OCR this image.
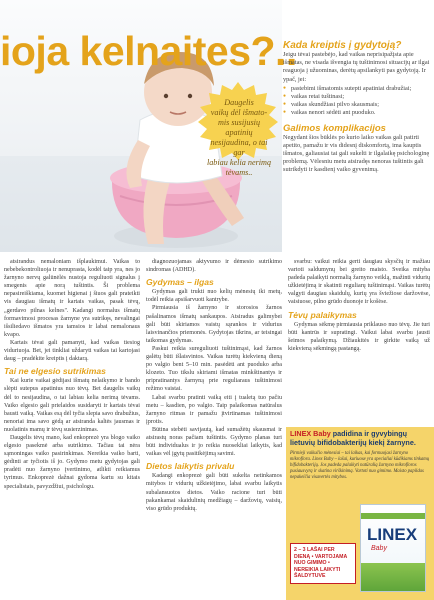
ioja kelnaites?..
Daugelis
vaikų dėl išmato-
mis susijusių apatinių
nesijaudina, o tai gar
labiau kelia nerimą
tėvams..
Kada kreiptis į gydytoją?
Jeigu tėvai pastebėjo, kad vaikas neprisipažįsta apie išmatas, ne visada išvengia tų tuštinimosi situacijų ar ilgai reaguoja į užuominas, derėtų apsilankyti pas gydytoją. Ir ypač, jei:
● pastebimi išmatomis sutepti apatiniai drabužiai;
● vaikas retai tuštinasi;
● vaikas skundžiasi pilvo skausmais;
● vaikas nenori sėdėti ant puoduko.
Galimos komplikacijos
Negydant šios būklės po kurio laiko vaikas gali patirti apetito, pamažu ir vis didesnį diskomfortą, ima kauptis išmatos, galiausiai tai gali sukelti ir ilgalaikę psichologinę problemą. Vėlesniu metu atsiradęs nenoras tuštintis gali sutrikdyti ir kasdienį vaiko gyvenimą.

atsirandus nemaloniam išplaukimui. Vaikas to nebebekontroliuoja ir nenuprasta, kodėl taip yra, nes jo žarnyno nervų galūnėlės nustoja reguliuoti signalus į smegenis apie norą tuštintis. Ši problema nepasireiškiama, kuomet higienai į šiuos gali prateikti vis daugiau išmatų ir kartais vaikas, pasak tėvų, „gerdavo pilnas kelnes". Kadangi normalus išmatų formavimosi procesas žarnyne yra sutrikęs, nevalingai išsiliedavo išmatos yra tamsios ir labai nemalonaus kvapo.

Kartais tėvai gali pamanyti, kad vaikas tiesiog viduriuoja. Bet, jei tinkliai uždaryti vaikas tai kartojasi daug – pradėkite kreiptis į daktarą.

Tai ne elgesio sutrikimas

Kai kurie vaikai gėdijasi išmatų nelaikymo ir bando slėpti sutepus apatinius nuo tėvų. Bet daugelis vaikų dėl to nesijaudina, o tai labiau kelia nerimą tėvams. Vaiko elgesio gali prielaidos susidaryti ir kartais tėvai bausti vaiką. Vaikas esą dėl tyčia slepia savo drabužius, nenoriai ima savo gėdą ar atsiranda kaltės jausmas ir nuolatinis mamų ir tėvų susierzinimas.

Daugelis tėvų mano, kad enkoprezė yra blogo vaiko elgesio pasekmė arba sutrikimo. Tačiau tai nėra sąmoningas vaiko pasirinkimas. Nereikia vaiko barti, gėdinti ar tyčiotis iš jo. Gydymo metu gydytojas gali pradėti nuo žarnyno įvertinimo, atlikti reikiamus tyrimus. Enkoprezė dažnai gydoma kartu su kitais specialistais, pavyzdžiui, psichologu.

diagnozuojamas aktyvumo ir dėmesio sutrikimo sindromas (ADHD).

Gydymas – ilgas

Gydymas gali trukti nuo kelių mėnesių iki metų, todėl reikia apsišarvuoti kantrybe.

Pirmiausia iš žarnyno ir storosios žarnos pašalinamos išmatų sankaupos. Atsiradus galimybei gali būti skiriamos vaistų sąrankos ir vidurius laisvinančios priemonės. Gydytojas tikrins, ar teisingai taikomas gydymas.

Paskui reikia sureguliuoti tuštinimąsi, kad žarnos galėtų būti išlaisvintos. Vaikas turėtų kiekvieną dieną po valgio bent 5–10 min. pasėdėti ant puoduko arba klozeto. Tuo tikslu skiriami išmatas minkštinantys ir pripratinantys žarnyną prie reguliaraus tuštinimosi režimo vaistai.

Labai svarbu pratinti vaiką eiti į tualetą tuo pačiu metu – kasdien, po valgio. Taip palaikomas natūralus žarnyno ritmas ir pamažu įtvirtinamas tuštinimosi įprotis.

Būtina stebėti savijautą, kad sumažėtų skausmai ir atsirastų noras pačiam tuštintis. Gydymo planas turi būti individualus ir jo reikia nuosekliai laikytis, kad vaikas vėl įgytų pasitikėjimą savimi.

Dietos laikytis privalu

Kadangi enkoprezė gali būti sukelta netinkamos mitybos ir vidurių užkietėjimo, labai svarbu laikytis subalansuotos dietos. Vaiko racione turi būti pakankamai skaidulinių medžiagų – daržovių, vaisių, viso grūdo produktų.

svarbu: vaikui reikia gerti daugiau skysčių ir mažiau vartoti saldumynų bei greito maisto. Sveika mityba padeda palaikyti normalią žarnyno veiklą, mažinti vidurių užkietėjimą ir skatinti reguliarų tuštinimąsi. Vaikas turėtų valgyti daugiau skaidulų, kurių yra šviežiose daržovėse, vaisiuose, pilno grūdo duonoje ir košėse.

Tėvų palaikymas

Gydymas sėkmę pirmiausia priklauso nuo tėvų. Jie turi būti kantrūs ir supratingi. Vaikui labai svarbu jausti šeimos palaikymą. Džiaukitės ir girkite vaiką už kiekvieną sėkmingą pastangą.

LINEX Baby padidina ir gyvybingų lietuvių bifidobakterijų kiekį žarnyne.
Pirmieji vaikučio mėnesiai – tai laikas, kai formuojasi žarnyno mikroflora. Linex Baby – lašai, kuriuose yra specialiai kūdikiams tinkamų bifidobakterijų. Jos padeda palaikyti natūralią žarnyno mikrofloros pusiausvyrą ir skatina virškinimą. Vartoti nuo gimimo. Maisto papildas nepakeičia visavertės mitybos.
LINEX
Baby
2 – 3 LAŠAI PER DIENĄ • VARTOJAMA NUO GIMIMO • NEREIKIA LAIKYTI ŠALDYTUVE
